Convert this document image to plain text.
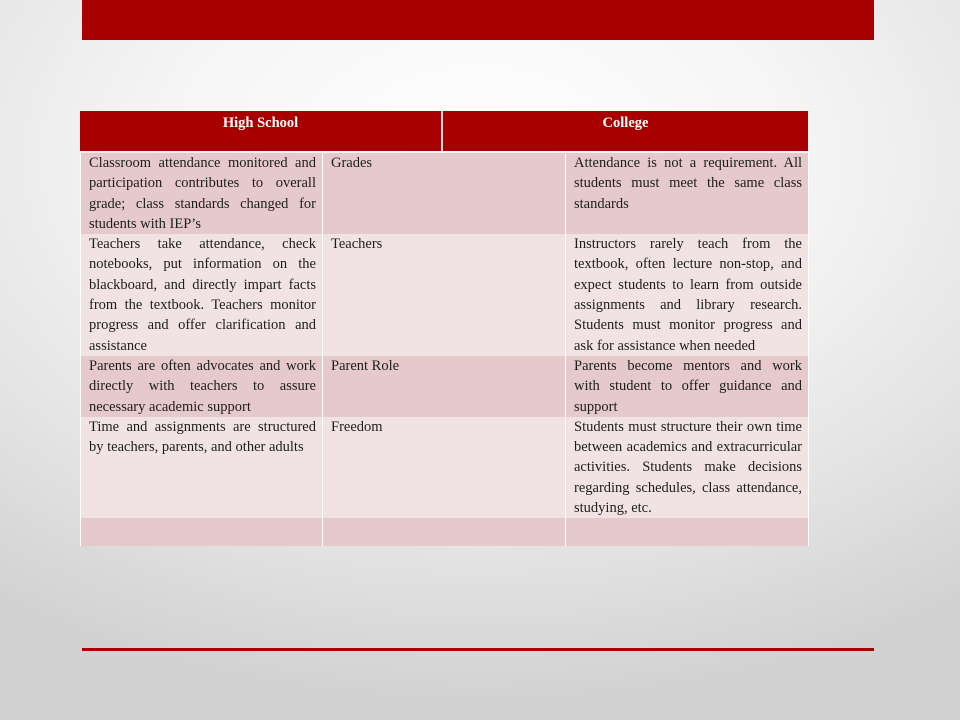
High School	College
Classroom attendance monitored and participation contributes to overall grade; class standards changed for students with IEP’s	Grades	Attendance is not a requirement. All students must meet the same class standards
Teachers take attendance, check notebooks, put information on the blackboard, and directly impart facts from the textbook. Teachers monitor progress and offer clarification and assistance	Teachers	Instructors rarely teach from the textbook, often lecture non-stop, and expect students to learn from outside assignments and library research. Students must monitor progress and ask for assistance when needed
Parents are often advocates and work directly with teachers to assure necessary academic support	Parent Role	Parents become mentors and work with student to offer guidance and support
Time and assignments are structured by teachers, parents, and other adults	Freedom	Students must structure their own time between academics and extracurricular activities. Students make decisions regarding schedules, class attendance, studying, etc.
